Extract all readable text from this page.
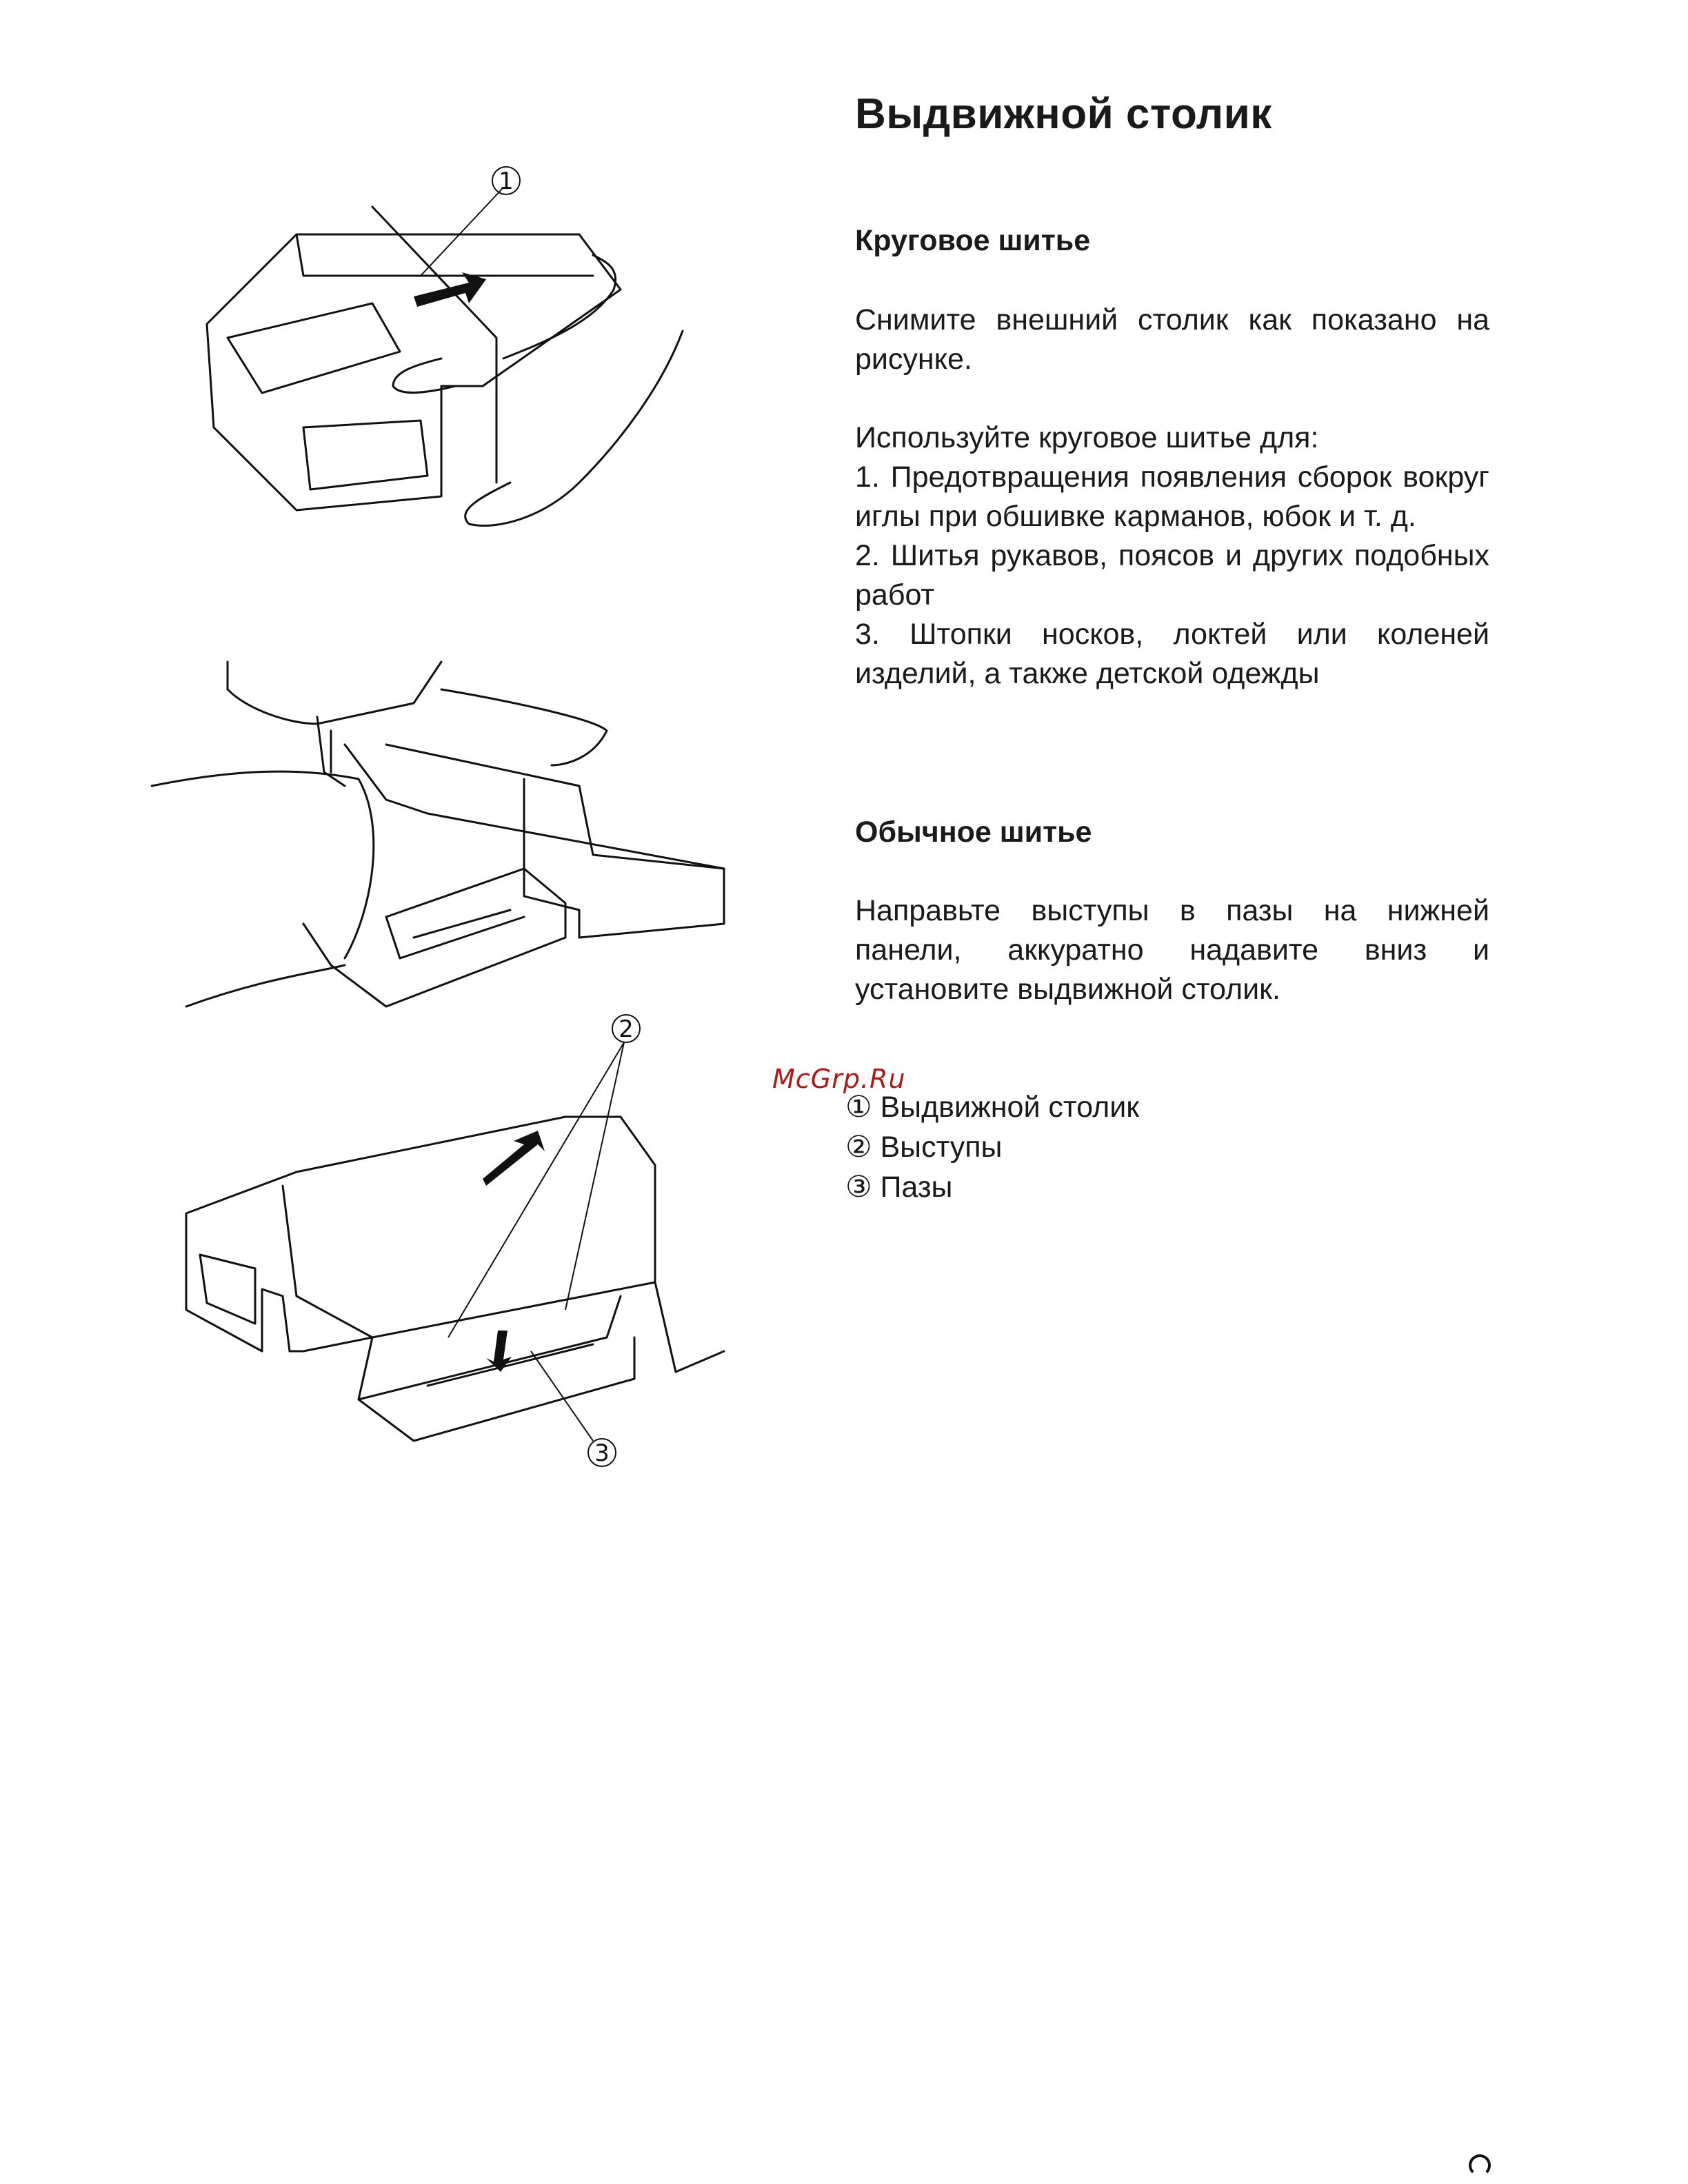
1
2
3
Выдвижной столик
Круговое шитье

Снимите внешний столик как показано на рисунке.

Используйте круговое шитье для:

1. Предотвращения появления сборок вокруг иглы при обшивке карманов, юбок и т. д.

2. Шитья рукавов, поясов и других подобных работ

3. Штопки носков, локтей или коленей изделий, а также детской одежды

Обычное шитье

Направьте выступы в пазы на нижней панели, аккуратно надавите вниз и установите выдвижной столик.

McGrp.Ru
① Выдвижной столик
② Выступы
③ Пазы
